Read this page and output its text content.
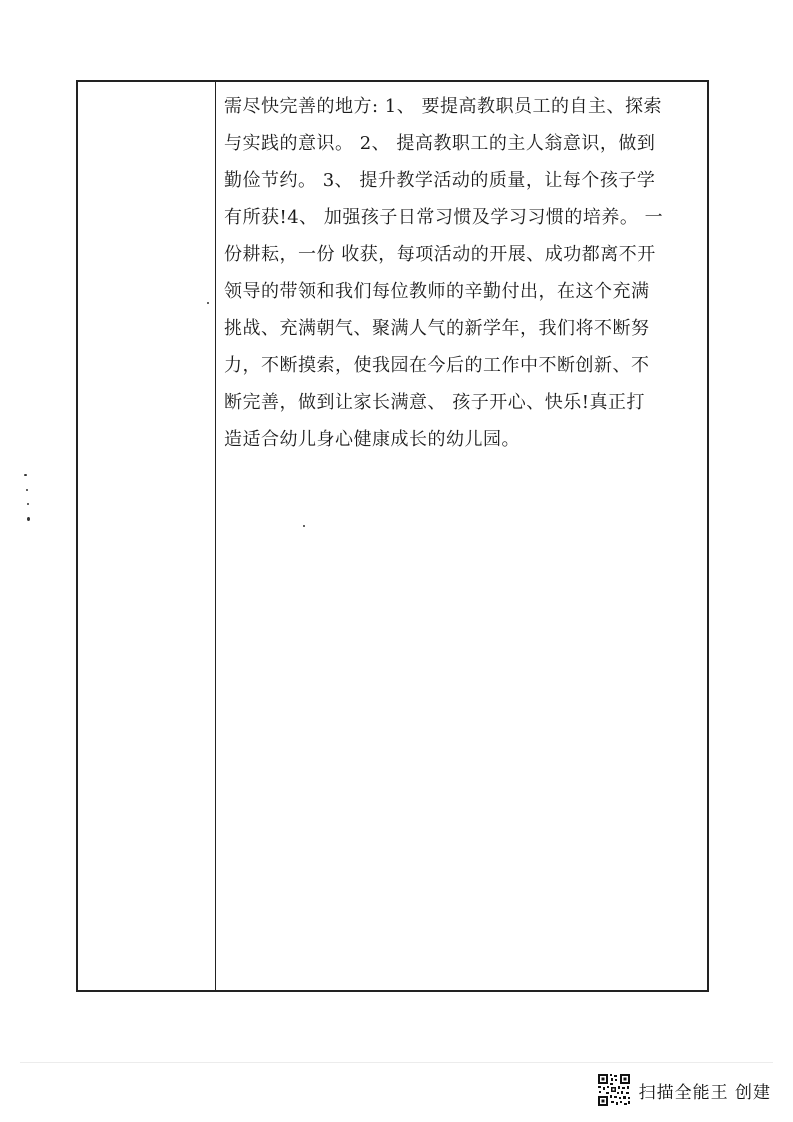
需尽快完善的地方: 1、 要提高教职员工的自主、探索
与实践的意识。 2、 提高教职工的主人翁意识，做到
勤俭节约。 3、 提升教学活动的质量，让每个孩子学
有所获!4、 加强孩子日常习惯及学习习惯的培养。 一
份耕耘，一份 收获，每项活动的开展、成功都离不开
领导的带领和我们每位教师的辛勤付出，在这个充满
挑战、充满朝气、聚满人气的新学年，我们将不断努
力，不断摸索，使我园在今后的工作中不断创新、不
断完善，做到让家长满意、 孩子开心、快乐!真正打
造适合幼儿身心健康成长的幼儿园。
扫描全能王 创建
